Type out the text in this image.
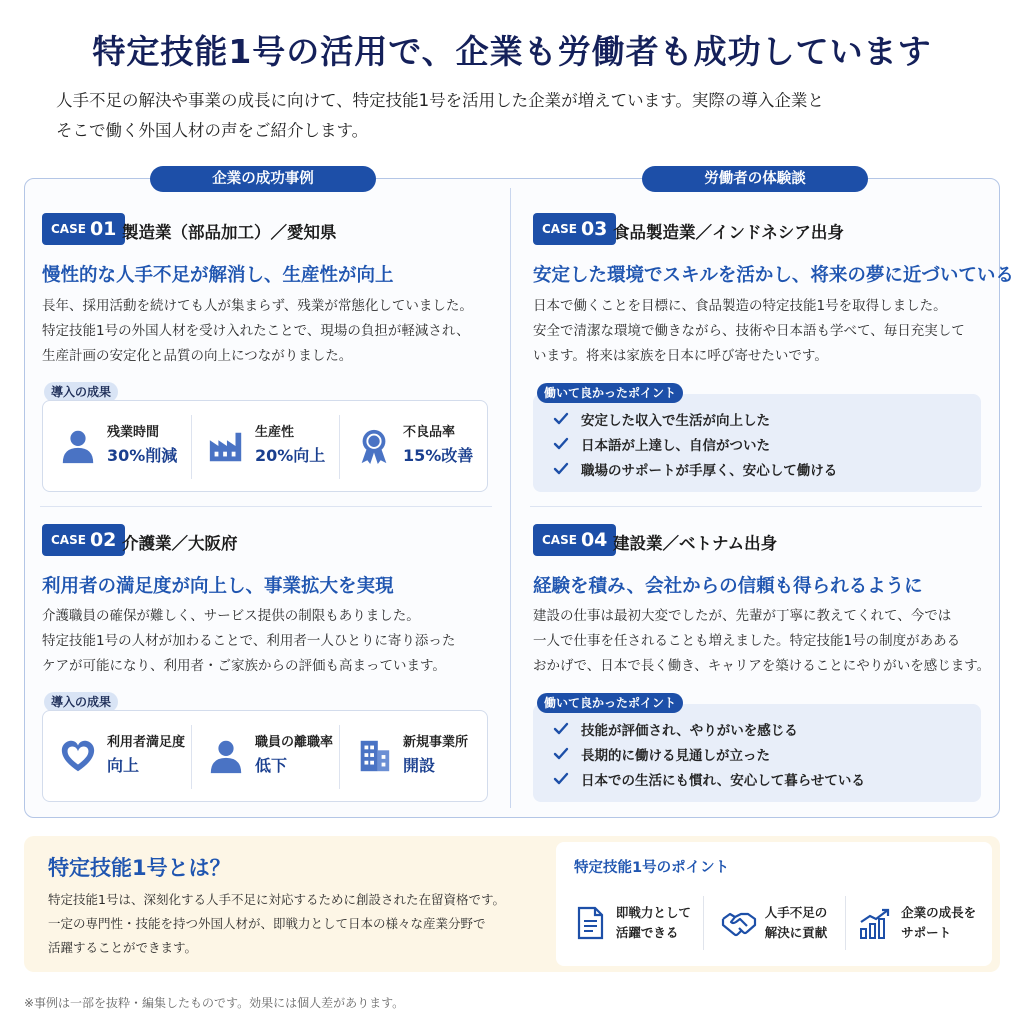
特定技能1号の活用で、企業も労働者も成功しています
人手不足の解決や事業の成長に向けて、特定技能1号を活用した企業が増えています。実際の導入企業と
そこで働く外国人材の声をご紹介します。
企業の成功事例	労働者の体験談
CASE 01 製造業（部品加工）／愛知県
慢性的な人手不足が解消し、生産性が向上
長年、採用活動を続けても人が集まらず、残業が常態化していました。
特定技能1号の外国人材を受け入れたことで、現場の負担が軽減され、
生産計画の安定化と品質の向上につながりました。
導入の成果
残業時間
30%削減
生産性
20%向上
不良品率
15%改善
CASE 02 介護業／大阪府
利用者の満足度が向上し、事業拡大を実現
介護職員の確保が難しく、サービス提供の制限もありました。
特定技能1号の人材が加わることで、利用者一人ひとりに寄り添った
ケアが可能になり、利用者・ご家族からの評価も高まっています。
導入の成果
利用者満足度
向上
職員の離職率
低下
新規事業所
開設
CASE 03 食品製造業／インドネシア出身
安定した環境でスキルを活かし、将来の夢に近づいている
日本で働くことを目標に、食品製造の特定技能1号を取得しました。
安全で清潔な環境で働きながら、技術や日本語も学べて、毎日充実して
います。将来は家族を日本に呼び寄せたいです。
安定した収入で生活が向上した
日本語が上達し、自信がついた
職場のサポートが手厚く、安心して働ける
働いて良かったポイント
CASE 04 建設業／ベトナム出身
経験を積み、会社からの信頼も得られるように
建設の仕事は最初大変でしたが、先輩が丁寧に教えてくれて、今では
一人で仕事を任されることも増えました。特定技能1号の制度があある
おかげで、日本で長く働き、キャリアを築けることにやりがいを感じます。
技能が評価され、やりがいを感じる
長期的に働ける見通しが立った
日本での生活にも慣れ、安心して暮らせている
働いて良かったポイント
特定技能1号とは？
特定技能1号は、深刻化する人手不足に対応するために創設された在留資格です。
一定の専門性・技能を持つ外国人材が、即戦力として日本の様々な産業分野で
活躍することができます。
特定技能1号のポイント
即戦力として
活躍できる
人手不足の
解決に貢献
企業の成長を
サポート
※事例は一部を抜粋・編集したものです。効果には個人差があります。
